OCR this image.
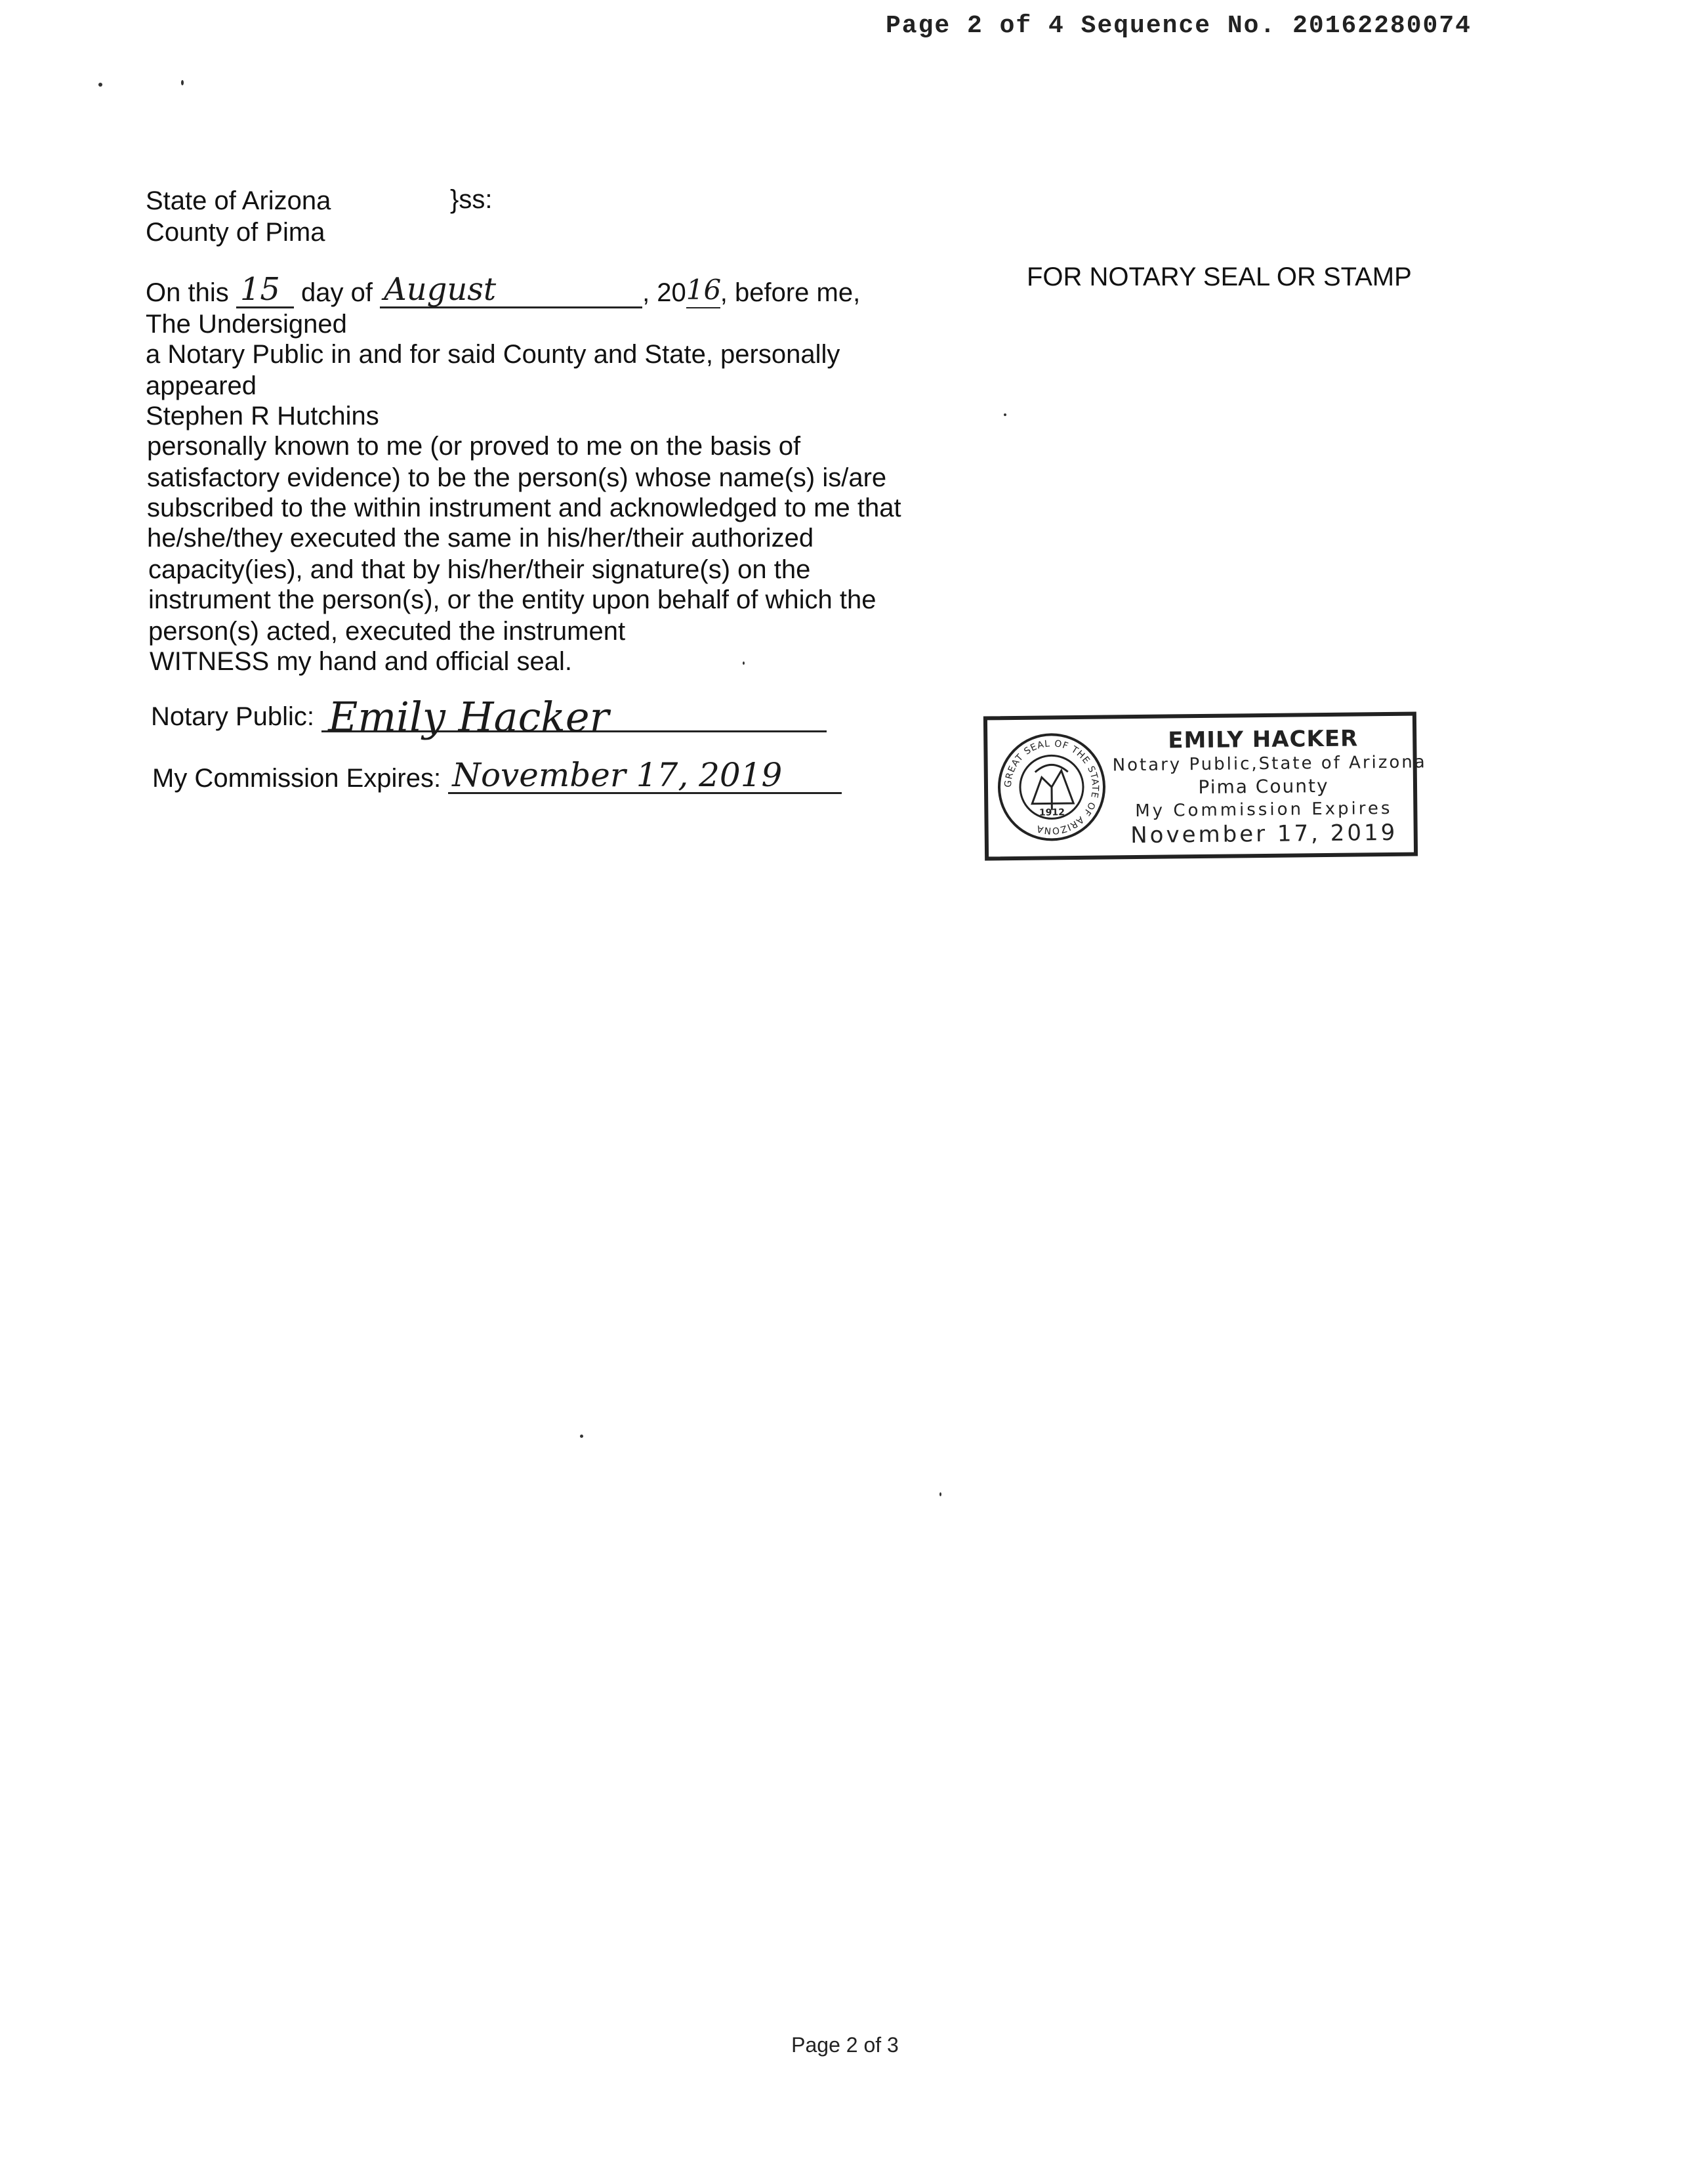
Page 2 of 4 Sequence No. 20162280074
State of Arizona	}ss:
County of Pima
On this 15 day of August	, 20 16
, before me,
The Undersigned
a Notary Public in and for said County and State, personally
appeared
Stephen R Hutchins
personally known to me (or proved to me on the basis of
satisfactory evidence) to be the person(s) whose name(s) is/are
subscribed to the within instrument and acknowledged to me that
he/she/they executed the same in his/her/their authorized
capacity(ies), and that by his/her/their signature(s) on the
instrument the person(s), or the entity upon behalf of which the
person(s) acted, executed the instrument
WITNESS my hand and official seal.
Notary Public: Emily Hacker
My Commission Expires: November 17, 2019
FOR NOTARY SEAL OR STAMP
GREAT SEAL OF THE STATE OF ARIZONA
1912
EMILY HACKER
Notary Public,State of Arizona
Pima County
My Commission Expires
November 17, 2019
Page 2 of 3
